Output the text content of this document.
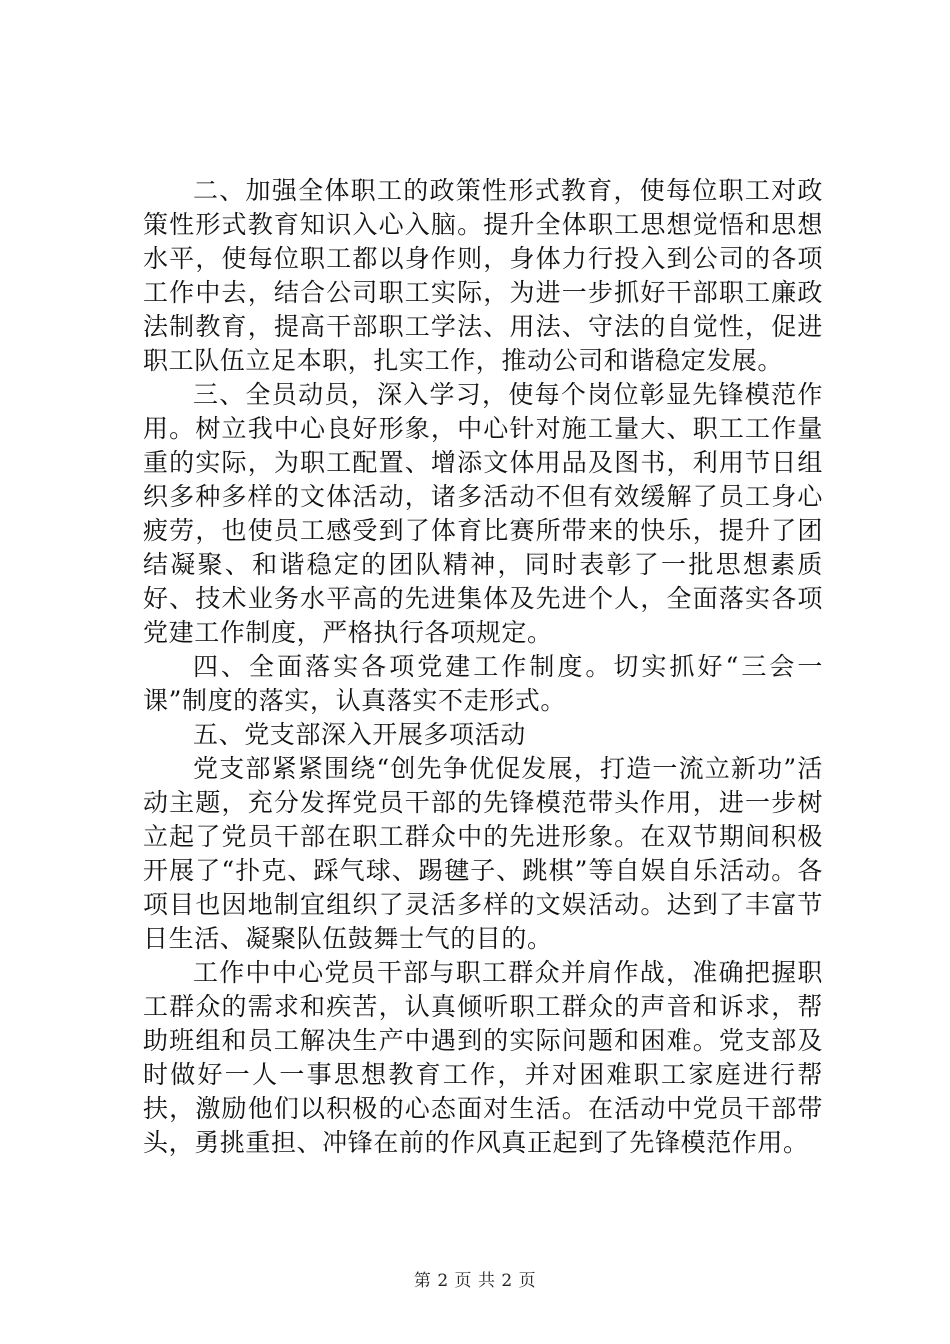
二、加强全体职工的政策性形式教育，使每位职工对政策性形式教育知识入心入脑。提升全体职工思想觉悟和思想水平，使每位职工都以身作则，身体力行投入到公司的各项工作中去，结合公司职工实际，为进一步抓好干部职工廉政法制教育，提高干部职工学法、用法、守法的自觉性，促进职工队伍立足本职，扎实工作，推动公司和谐稳定发展。

三、全员动员，深入学习，使每个岗位彰显先锋模范作用。树立我中心良好形象，中心针对施工量大、职工工作量重的实际，为职工配置、增添文体用品及图书，利用节日组织多种多样的文体活动，诸多活动不但有效缓解了员工身心疲劳，也使员工感受到了体育比赛所带来的快乐，提升了团结凝聚、和谐稳定的团队精神，同时表彰了一批思想素质好、技术业务水平高的先进集体及先进个人，全面落实各项党建工作制度，严格执行各项规定。

四、全面落实各项党建工作制度。切实抓好“三会一课”制度的落实，认真落实不走形式。

五、党支部深入开展多项活动

党支部紧紧围绕“创先争优促发展，打造一流立新功”活动主题，充分发挥党员干部的先锋模范带头作用，进一步树立起了党员干部在职工群众中的先进形象。在双节期间积极开展了“扑克、踩气球、踢毽子、跳棋”等自娱自乐活动。各项目也因地制宜组织了灵活多样的文娱活动。达到了丰富节日生活、凝聚队伍鼓舞士气的目的。

工作中中心党员干部与职工群众并肩作战，准确把握职工群众的需求和疾苦，认真倾听职工群众的声音和诉求，帮助班组和员工解决生产中遇到的实际问题和困难。党支部及时做好一人一事思想教育工作，并对困难职工家庭进行帮扶，激励他们以积极的心态面对生活。在活动中党员干部带头，勇挑重担、冲锋在前的作风真正起到了先锋模范作用。

第 2 页 共 2 页
